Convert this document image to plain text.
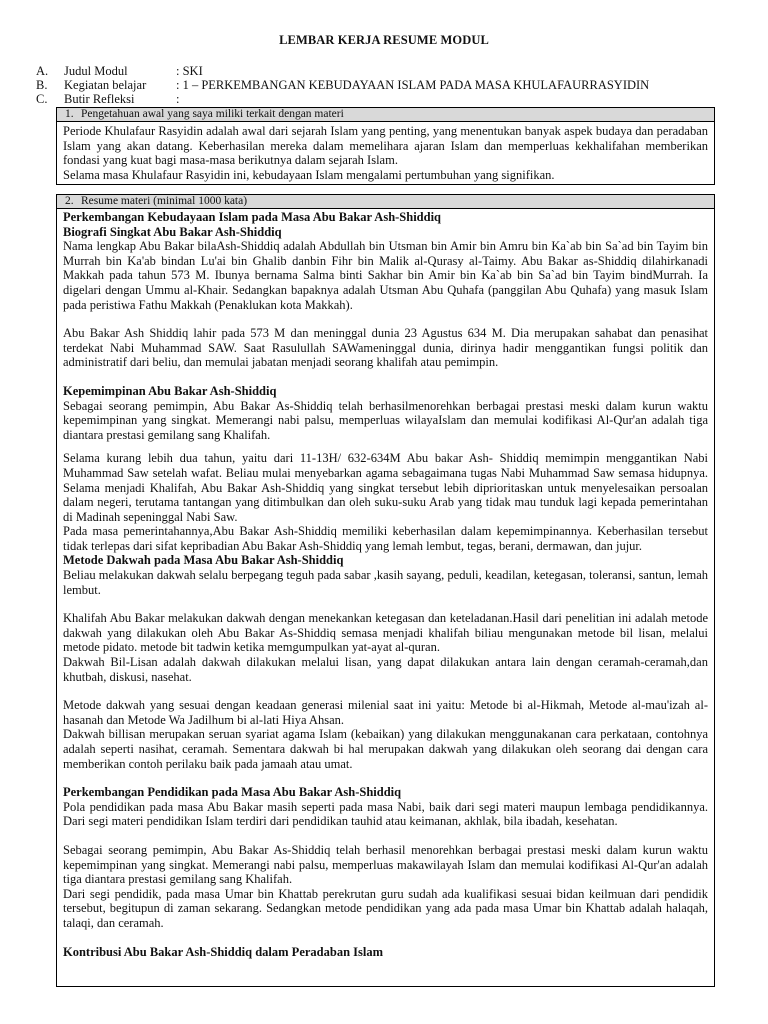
LEMBAR KERJA RESUME MODUL
A. Judul Modul	: SKI
B. Kegiatan belajar : 1 – PERKEMBANGAN KEBUDAYAAN ISLAM PADA MASA KHULAFAURRASYIDIN
C. Butir Refleksi	:
1. Pengetahuan awal yang saya miliki terkait dengan materi

Periode Khulafaur Rasyidin adalah awal dari sejarah Islam yang penting, yang menentukan banyak aspek budaya dan peradaban Islam yang akan datang. Keberhasilan mereka dalam memelihara ajaran Islam dan memperluas kekhalifahan memberikan fondasi yang kuat bagi masa-masa berikutnya dalam sejarah Islam.

Selama masa Khulafaur Rasyidin ini, kebudayaan Islam mengalami pertumbuhan yang signifikan.

2. Resume materi (minimal 1000 kata)

Perkembangan Kebudayaan Islam pada Masa Abu Bakar Ash-Shiddiq

Biografi Singkat Abu Bakar Ash-Shiddiq

Nama lengkap Abu Bakar bilaAsh-Shiddiq adalah Abdullah bin Utsman bin Amir bin Amru bin Ka`ab bin Sa`ad bin Tayim bin Murrah bin Ka'ab bindan Lu'ai bin Ghalib danbin Fihr bin Malik al-Qurasy al-Taimy. Abu Bakar as-Shiddiq dilahirkanadi Makkah pada tahun 573 M. Ibunya bernama Salma binti Sakhar bin Amir bin Ka`ab bin Sa`ad bin Tayim bindMurrah. Ia digelari dengan Ummu al-Khair. Sedangkan bapaknya adalah Utsman Abu Quhafa (panggilan Abu Quhafa) yang masuk Islam pada peristiwa Fathu Makkah (Penaklukan kota Makkah).

Abu Bakar Ash Shiddiq lahir pada 573 M dan meninggal dunia 23 Agustus 634 M. Dia merupakan sahabat dan penasihat terdekat Nabi Muhammad SAW. Saat Rasulullah SAWameninggal dunia, dirinya hadir menggantikan fungsi politik dan administratif dari beliu, dan memulai jabatan menjadi seorang khalifah atau pemimpin.

Kepemimpinan Abu Bakar Ash-Shiddiq

Sebagai seorang pemimpin, Abu Bakar As-Shiddiq telah berhasilmenorehkan berbagai prestasi meski dalam kurun waktu kepemimpinan yang singkat. Memerangi nabi palsu, memperluas wilayaIslam dan memulai kodifikasi Al-Qur'an adalah tiga diantara prestasi gemilang sang Khalifah.

Selama kurang lebih dua tahun, yaitu dari 11-13H/ 632-634M Abu bakar Ash- Shiddiq memimpin menggantikan Nabi Muhammad Saw setelah wafat. Beliau mulai menyebarkan agama sebagaimana tugas Nabi Muhammad Saw semasa hidupnya. Selama menjadi Khalifah, Abu Bakar Ash-Shiddiq yang singkat tersebut lebih diprioritaskan untuk menyelesaikan persoalan dalam negeri, terutama tantangan yang ditimbulkan dan oleh suku-suku Arab yang tidak mau tunduk lagi kepada pemerintahan di Madinah sepeninggal Nabi Saw.

Pada masa pemerintahannya,Abu Bakar Ash-Shiddiq memiliki keberhasilan dalam kepemimpinannya. Keberhasilan tersebut tidak terlepas dari sifat kepribadian Abu Bakar Ash-Shiddiq yang lemah lembut, tegas, berani, dermawan, dan jujur.

Metode Dakwah pada Masa Abu Bakar Ash-Shiddiq

Beliau melakukan dakwah selalu berpegang teguh pada sabar ,kasih sayang, peduli, keadilan, ketegasan, toleransi, santun, lemah lembut.

Khalifah Abu Bakar melakukan dakwah dengan menekankan ketegasan dan keteladanan.Hasil dari penelitian ini adalah metode dakwah yang dilakukan oleh Abu Bakar As-Shiddiq semasa menjadi khalifah biliau mengunakan metode bil lisan, melalui metode pidato. metode bit tadwin ketika memgumpulkan yat-ayat al-quran.

Dakwah Bil-Lisan adalah dakwah dilakukan melalui lisan, yang dapat dilakukan antara lain dengan ceramah-ceramah,dan khutbah, diskusi, nasehat.

Metode dakwah yang sesuai dengan keadaan generasi milenial saat ini yaitu: Metode bi al-Hikmah, Metode al-mau'izah al-hasanah dan Metode Wa Jadilhum bi al-lati Hiya Ahsan.

Dakwah billisan merupakan seruan syariat agama Islam (kebaikan) yang dilakukan menggunakanan cara perkataan, contohnya adalah seperti nasihat, ceramah. Sementara dakwah bi hal merupakan dakwah yang dilakukan oleh seorang dai dengan cara memberikan contoh perilaku baik pada jamaah atau umat.

Perkembangan Pendidikan pada Masa Abu Bakar Ash-Shiddiq

Pola pendidikan pada masa Abu Bakar masih seperti pada masa Nabi, baik dari segi materi maupun lembaga pendidikannya. Dari segi materi pendidikan Islam terdiri dari pendidikan tauhid atau keimanan, akhlak, bila ibadah, kesehatan.

Sebagai seorang pemimpin, Abu Bakar As-Shiddiq telah berhasil menorehkan berbagai prestasi meski dalam kurun waktu kepemimpinan yang singkat. Memerangi nabi palsu, memperluas makawilayah Islam dan memulai kodifikasi Al-Qur'an adalah tiga diantara prestasi gemilang sang Khalifah.

Dari segi pendidik, pada masa Umar bin Khattab perekrutan guru sudah ada kualifikasi sesuai bidan keilmuan dari pendidik tersebut, begitupun di zaman sekarang. Sedangkan metode pendidikan yang ada pada masa Umar bin Khattab adalah halaqah, talaqi, dan ceramah.

Kontribusi Abu Bakar Ash-Shiddiq dalam Peradaban Islam
